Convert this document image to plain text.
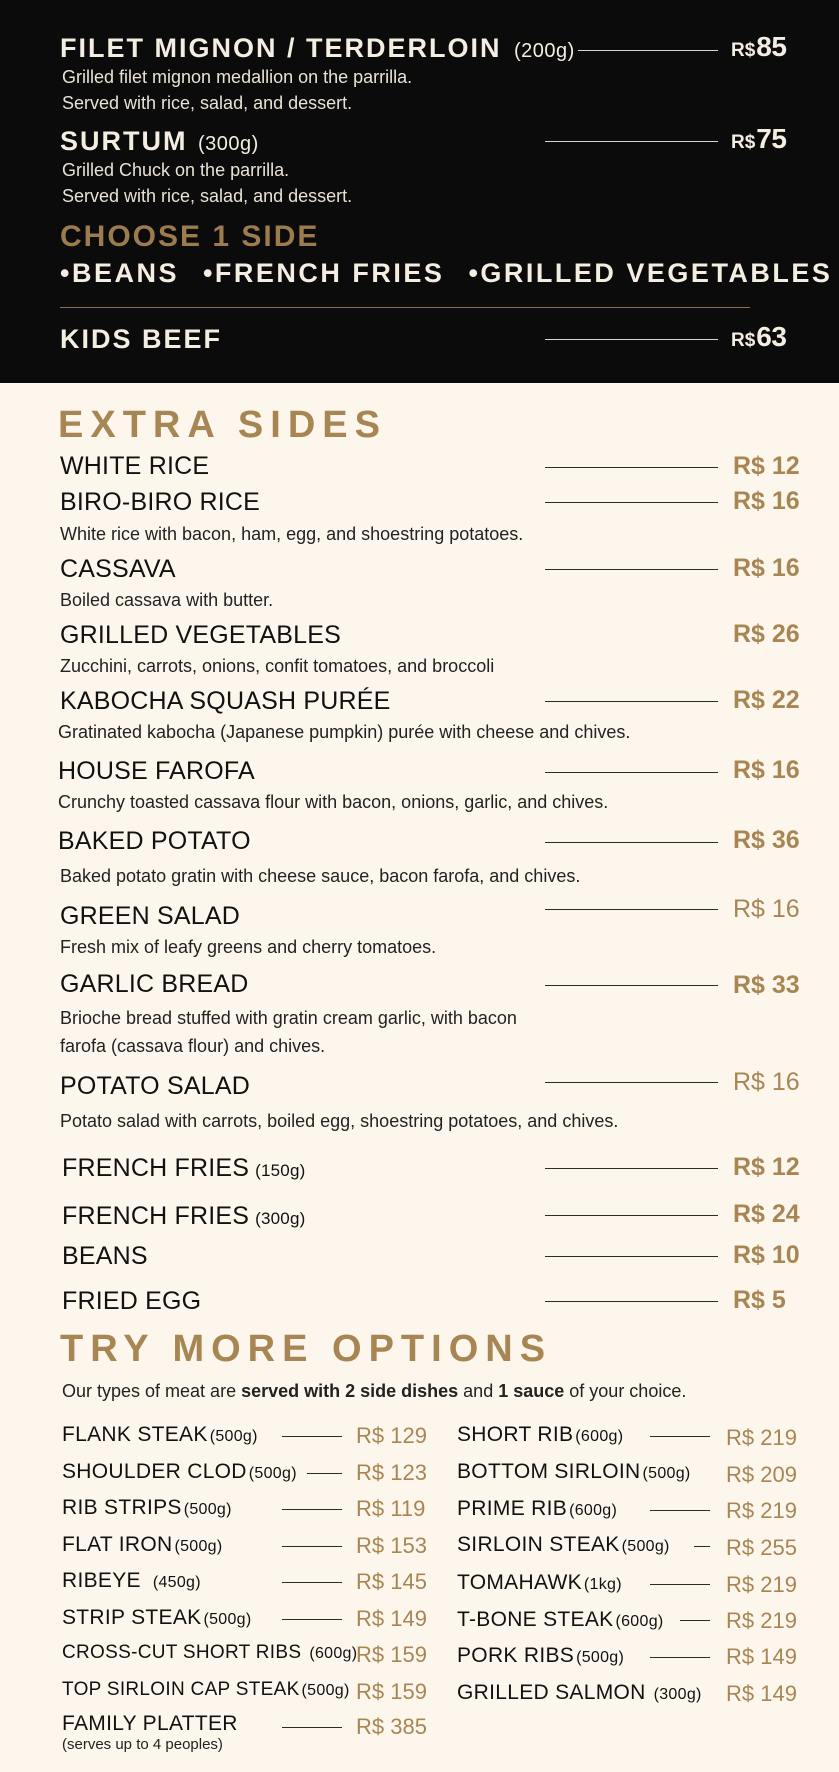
FILET MIGNON / TERDERLOIN (200g)	R$85
Grilled filet mignon medallion on the parrilla.
Served with rice, salad, and dessert.
SURTUM (300g)	R$75
Grilled Chuck on the parrilla.
Served with rice, salad, and dessert.
CHOOSE 1 SIDE
•BEANS •FRENCH FRIES •GRILLED VEGETABLES
KIDS BEEF	R$63
EXTRA SIDES
WHITE RICE	R$ 12
BIRO-BIRO RICE	R$ 16
White rice with bacon, ham, egg, and shoestring potatoes.
CASSAVA	R$ 16
Boiled cassava with butter.
GRILLED VEGETABLES	R$ 26
Zucchini, carrots, onions, confit tomatoes, and broccoli
KABOCHA SQUASH PURÉE	R$ 22
Gratinated kabocha (Japanese pumpkin) purée with cheese and chives.
HOUSE FAROFA	R$ 16
Crunchy toasted cassava flour with bacon, onions, garlic, and chives.
BAKED POTATO	R$ 36
Baked potato gratin with cheese sauce, bacon farofa, and chives.
GREEN SALAD	R$ 16
Fresh mix of leafy greens and cherry tomatoes.
GARLIC BREAD	R$ 33
Brioche bread stuffed with gratin cream garlic, with bacon
farofa (cassava flour) and chives.
POTATO SALAD	R$ 16
Potato salad with carrots, boiled egg, shoestring potatoes, and chives.
FRENCH FRIES (150g)	R$ 12
FRENCH FRIES (300g)	R$ 24
BEANS	R$ 10
FRIED EGG	R$ 5
TRY MORE OPTIONS
Our types of meat are served with 2 side dishes and 1 sauce of your choice.
FLANK STEAK (500g)	R$ 129
SHOULDER CLOD (500g)	R$ 123
RIB STRIPS (500g)	R$ 119
FLAT IRON (500g)	R$ 153
RIBEYE (450g)	R$ 145
STRIP STEAK (500g)	R$ 149
CROSS-CUT SHORT RIBS (600g)
R$ 159
TOP SIRLOIN CAP STEAK (500g) R$ 159
FAMILY PLATTER
(serves up to 4 peoples)
R$ 385
SHORT RIB (600g)	R$ 219
BOTTOM SIRLOIN (500g) R$ 209
PRIME RIB (600g)	R$ 219
SIRLOIN STEAK (500g)	R$ 255
TOMAHAWK (1kg)	R$ 219
T-BONE STEAK (600g)	R$ 219
PORK RIBS (500g)	R$ 149
GRILLED SALMON (300g) R$ 149
